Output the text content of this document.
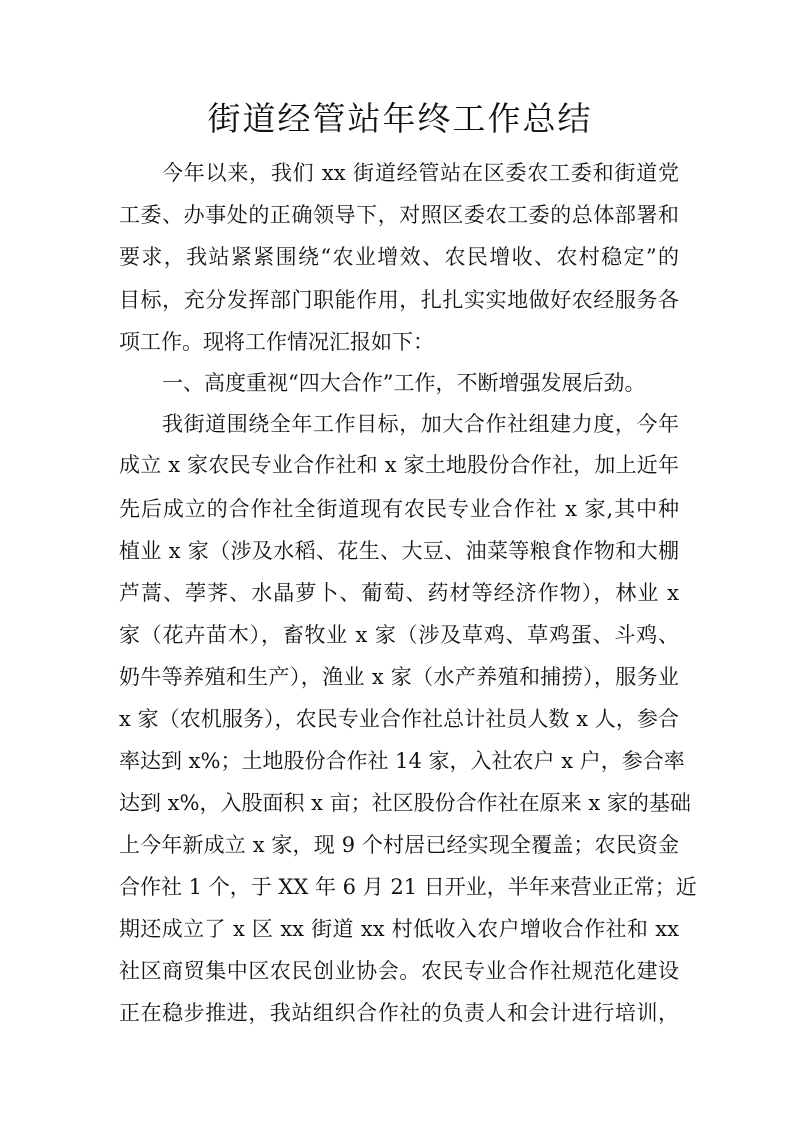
街道经管站年终工作总结
今年以来，我们 xx 街道经管站在区委农工委和街道党
工委、办事处的正确领导下，对照区委农工委的总体部署和
要求，我站紧紧围绕“农业增效、农民增收、农村稳定”的
目标，充分发挥部门职能作用，扎扎实实地做好农经服务各
项工作。现将工作情况汇报如下：
一、高度重视“四大合作”工作，不断增强发展后劲。
我街道围绕全年工作目标，加大合作社组建力度，今年
成立 x 家农民专业合作社和 x 家土地股份合作社，加上近年
先后成立的合作社全街道现有农民专业合作社 x 家,其中种
植业 x 家（涉及水稻、花生、大豆、油菜等粮食作物和大棚
芦蒿、荸荠、水晶萝卜、葡萄、药材等经济作物），林业 x
家（花卉苗木），畜牧业 x 家（涉及草鸡、草鸡蛋、斗鸡、
奶牛等养殖和生产），渔业 x 家（水产养殖和捕捞），服务业
x 家（农机服务），农民专业合作社总计社员人数 x 人，参合
率达到 x%；土地股份合作社 14 家，入社农户 x 户，参合率
达到 x%，入股面积 x 亩；社区股份合作社在原来 x 家的基础
上今年新成立 x 家，现 9 个村居已经实现全覆盖；农民资金
合作社 1 个，于 XX 年 6 月 21 日开业，半年来营业正常；近
期还成立了 x 区 xx 街道 xx 村低收入农户增收合作社和 xx
社区商贸集中区农民创业协会。农民专业合作社规范化建设
正在稳步推进，我站组织合作社的负责人和会计进行培训，
